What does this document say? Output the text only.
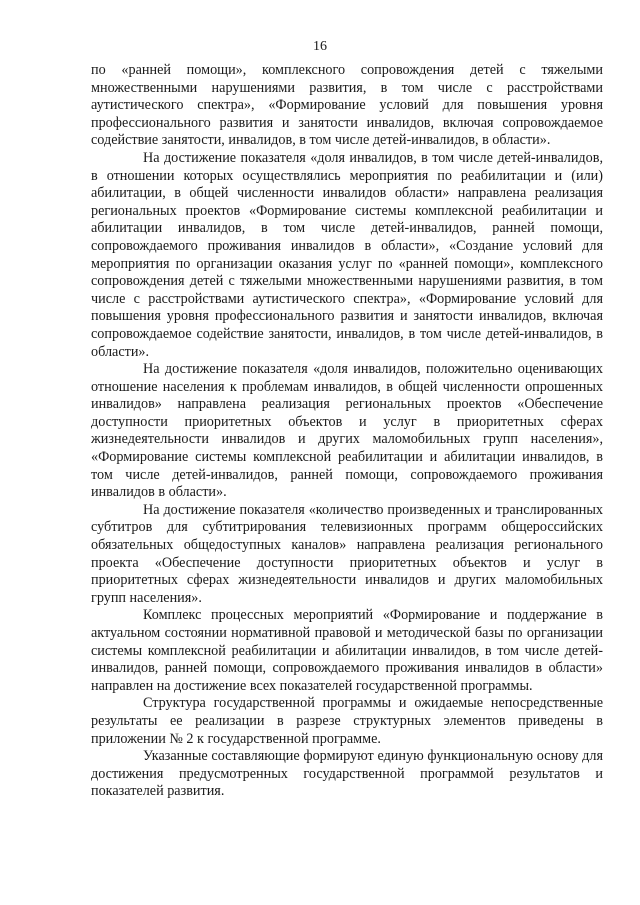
16

по «ранней помощи», комплексного сопровождения детей с тяжелыми множественными нарушениями развития, в том числе с расстройствами аутистического спектра», «Формирование условий для повышения уровня профессионального развития и занятости инвалидов, включая сопровождаемое содействие занятости, инвалидов, в том числе детей-инвалидов, в области».

На достижение показателя «доля инвалидов, в том числе детей-инвалидов, в отношении которых осуществлялись мероприятия по реабилитации и (или) абилитации, в общей численности инвалидов области» направлена реализация региональных проектов «Формирование системы комплексной реабилитации и абилитации инвалидов, в том числе детей-инвалидов, ранней помощи, сопровождаемого проживания инвалидов в области», «Создание условий для мероприятия по организации оказания услуг по «ранней помощи», комплексного сопровождения детей с тяжелыми множественными нарушениями развития, в том числе с расстройствами аутистического спектра», «Формирование условий для повышения уровня профессионального развития и занятости инвалидов, включая сопровождаемое содействие занятости, инвалидов, в том числе детей-инвалидов, в области».

На достижение показателя «доля инвалидов, положительно оценивающих отношение населения к проблемам инвалидов, в общей численности опрошенных инвалидов» направлена реализация региональных проектов «Обеспечение доступности приоритетных объектов и услуг в приоритетных сферах жизнедеятельности инвалидов и других маломобильных групп населения», «Формирование системы комплексной реабилитации и абилитации инвалидов, в том числе детей-инвалидов, ранней помощи, сопровождаемого проживания инвалидов в области».

На достижение показателя «количество произведенных и транслированных субтитров для субтитрирования телевизионных программ общероссийских обязательных общедоступных каналов» направлена реализация регионального проекта «Обеспечение доступности приоритетных объектов и услуг в приоритетных сферах жизнедеятельности инвалидов и других маломобильных групп населения».

Комплекс процессных мероприятий «Формирование и поддержание в актуальном состоянии нормативной правовой и методической базы по организации системы комплексной реабилитации и абилитации инвалидов, в том числе детей-инвалидов, ранней помощи, сопровождаемого проживания инвалидов в области» направлен на достижение всех показателей государственной программы.

Структура государственной программы и ожидаемые непосредственные результаты ее реализации в разрезе структурных элементов приведены в приложении № 2 к государственной программе.

Указанные составляющие формируют единую функциональную основу для достижения предусмотренных государственной программой результатов и показателей развития.
